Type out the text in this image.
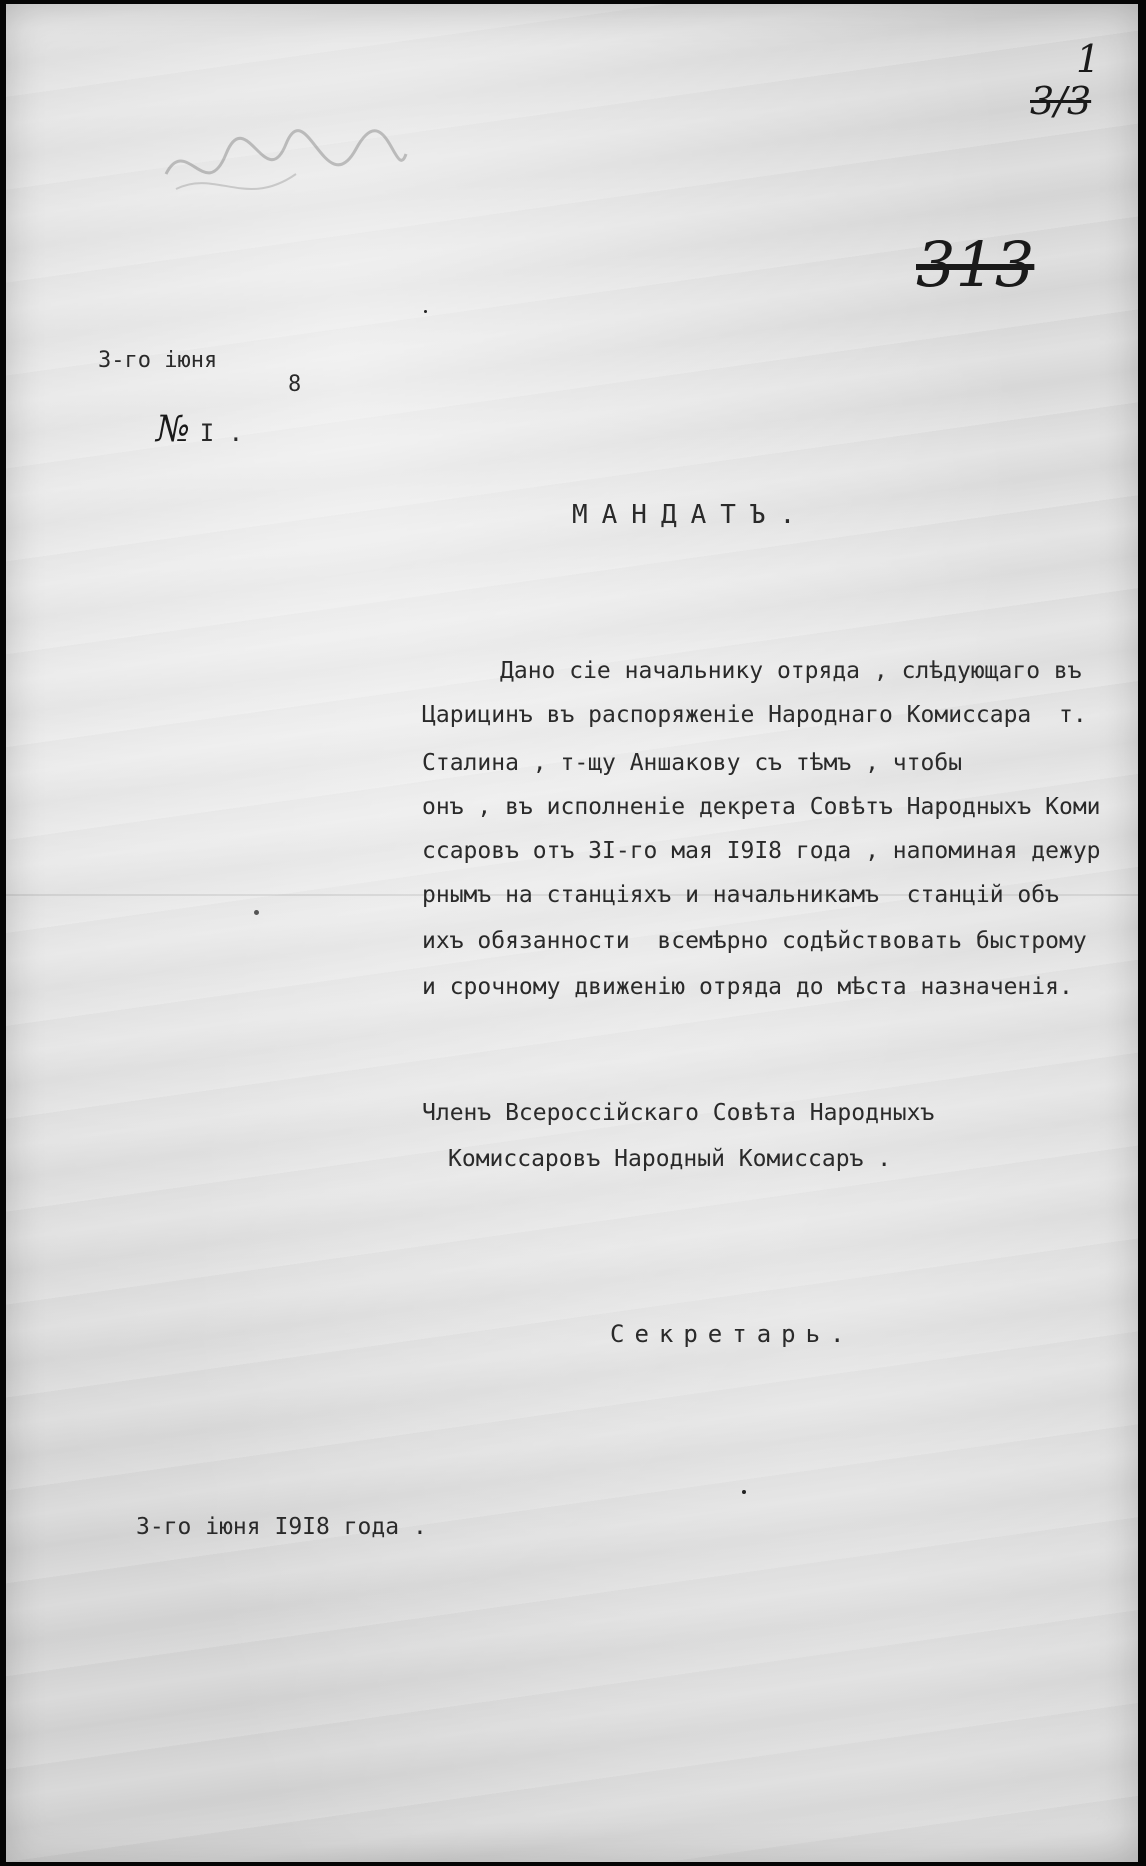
1
3/3
313
3-го іюня
8
№ I .
МАНДАТЪ.
Дано сіе начальнику отряда , слѣдующаго въ
Царицинъ въ распоряженіе Народнаго Комиссара  т.
Сталина , т-щу Аншакову съ тѣмъ , чтобы
онъ , въ исполненіе декрета Совѣтъ Народныхъ Коми
ссаровъ отъ 3I-го мая I9I8 года , напоминая дежур
рнымъ на станціяхъ и начальникамъ  станцій объ
ихъ обязанности  всемѣрно содѣйствовать быстрому
и срочному движенію отряда до мѣста назначенія.
Членъ Всероссійскаго Совѣта Народныхъ
Комиссаровъ Народный Комиссаръ .
Секретарь.
3-го іюня I9I8 года .
